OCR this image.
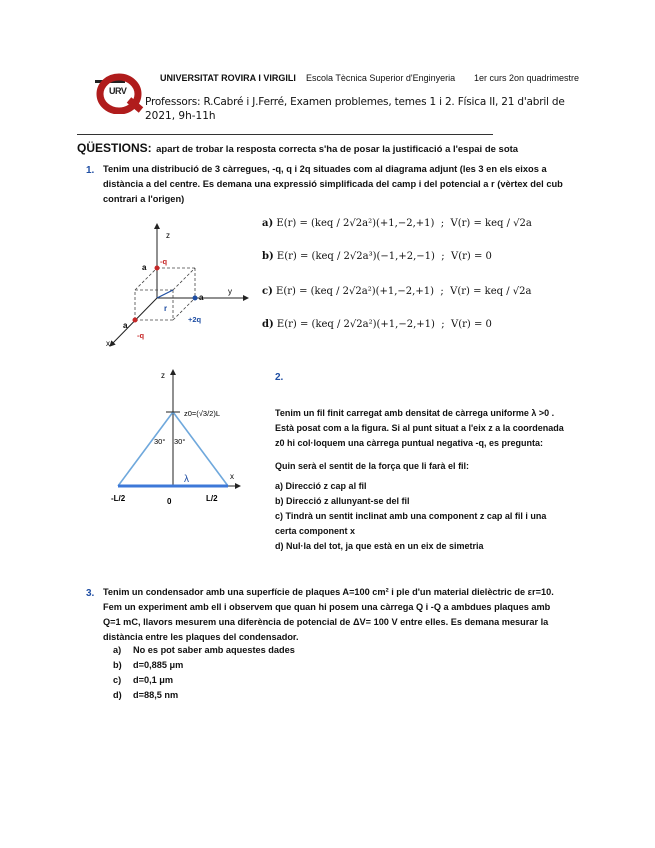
URV
UNIVERSITAT ROVIRA I VIRGILI Escola Tècnica Superior d'Enginyeria 1er curs 2on quadrimestre
Professors: R.Cabré i J.Ferré, Examen problemes, temes 1 i 2. Física II, 21 d'abril de
2021, 9h-11h
QÜESTIONS: apart de trobar la resposta correcta s'ha de posar la justificació a l'espai de sota
1. Tenim una distribució de 3 càrregues, -q, q i 2q situades com al diagrama adjunt (les 3 en els eixos a
distància a del centre. Es demana una expressió simplificada del camp i del potencial a r (vèrtex del cub
contrari a l'origen)
z
y
x
a
-q
a
+2q
a
-q
r
a) E(r) = (keq / 2√2a²)(+1,−2,+1)  ;  V(r) = keq / √2a
b) E(r) = (keq / 2√2a³)(−1,+2,−1)  ;  V(r) = 0
c) E(r) = (keq / 2√2a²)(+1,−2,+1)  ;  V(r) = keq / √2a
d) E(r) = (keq / 2√2a²)(+1,−2,+1)  ;  V(r) = 0
z
x
z0=(√3/2)L
30° 30°
λ
-L/2	0	L/2
2.
Tenim un fil finit carregat amb densitat de càrrega uniforme λ >0 .
Està posat com a la figura. Si al punt situat a l'eix z a la coordenada
z0 hi col·loquem una càrrega puntual negativa -q, es pregunta:
Quin serà el sentit de la força que li farà el fil:
a) Direcció z cap al fil
b) Direcció z allunyant-se del fil
c) Tindrà un sentit inclinat amb una component z cap al fil i una
certa component x
d) Nul·la del tot, ja que està en un eix de simetria
3. Tenim un condensador amb una superfície de plaques A=100 cm² i ple d'un material dielèctric de εr=10.
Fem un experiment amb ell i observem que quan hi posem una càrrega Q i -Q a ambdues plaques amb
Q=1 mC, llavors mesurem una diferència de potencial de ΔV= 100 V entre elles. Es demana mesurar la
distància entre les plaques del condensador.
a) No es pot saber amb aquestes dades
b) d=0,885 μm
c) d=0,1 μm
d) d=88,5 nm
